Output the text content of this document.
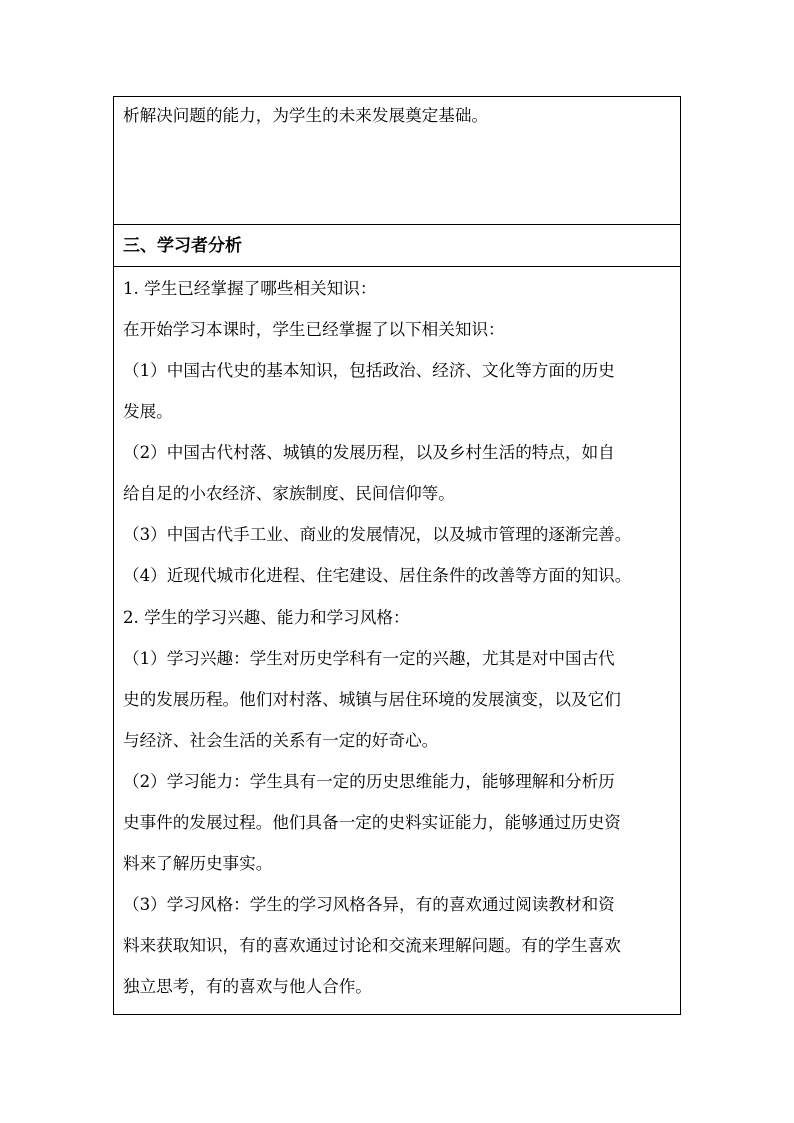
析解决问题的能力，为学生的未来发展奠定基础。
三、学习者分析
1. 学生已经掌握了哪些相关知识：
在开始学习本课时，学生已经掌握了以下相关知识：
（1）中国古代史的基本知识，包括政治、经济、文化等方面的历史
发展。
（2）中国古代村落、城镇的发展历程，以及乡村生活的特点，如自
给自足的小农经济、家族制度、民间信仰等。
（3）中国古代手工业、商业的发展情况，以及城市管理的逐渐完善。
（4）近现代城市化进程、住宅建设、居住条件的改善等方面的知识。
2. 学生的学习兴趣、能力和学习风格：
（1）学习兴趣：学生对历史学科有一定的兴趣，尤其是对中国古代
史的发展历程。他们对村落、城镇与居住环境的发展演变，以及它们
与经济、社会生活的关系有一定的好奇心。
（2）学习能力：学生具有一定的历史思维能力，能够理解和分析历
史事件的发展过程。他们具备一定的史料实证能力，能够通过历史资
料来了解历史事实。
（3）学习风格：学生的学习风格各异，有的喜欢通过阅读教材和资
料来获取知识，有的喜欢通过讨论和交流来理解问题。有的学生喜欢
独立思考，有的喜欢与他人合作。
